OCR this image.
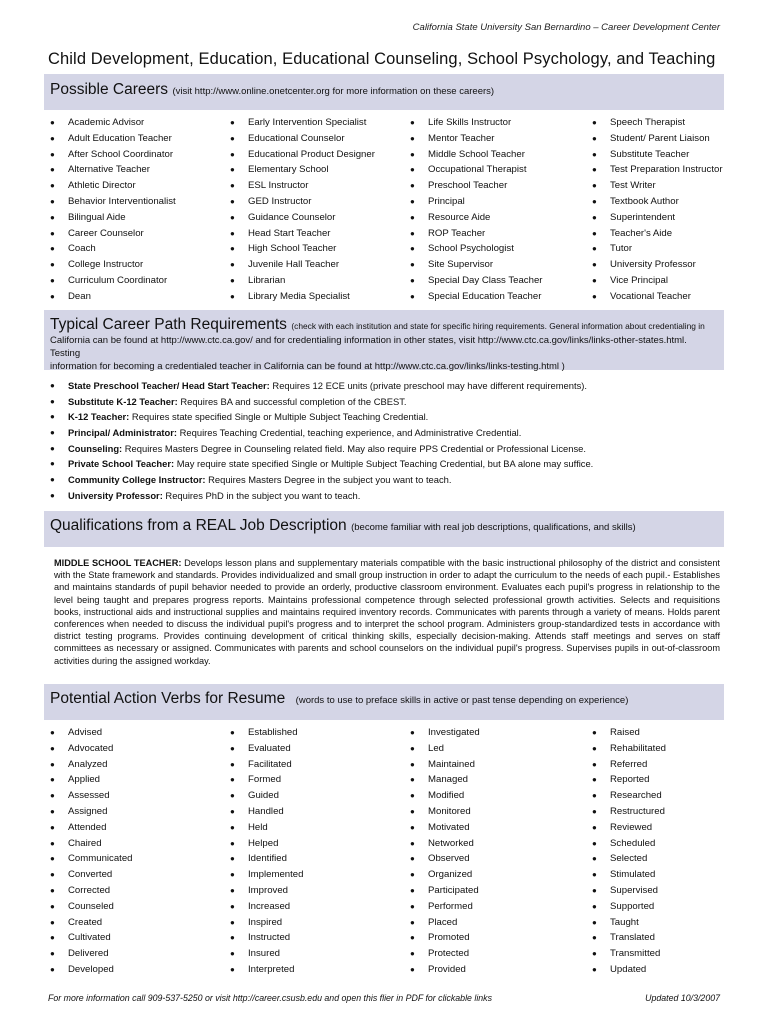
California State University San Bernardino – Career Development Center
Child Development, Education, Educational Counseling, School Psychology, and Teaching
Possible Careers (visit http://www.online.onetcenter.org for more information on these careers)
● Academic Advisor
● Adult Education Teacher
● After School Coordinator
● Alternative Teacher
● Athletic Director
● Behavior Interventionalist
● Bilingual Aide
● Career Counselor
● Coach
● College Instructor
● Curriculum Coordinator
● Dean
● Early Intervention Specialist
● Educational Counselor
● Educational Product Designer
● Elementary School
● ESL Instructor
● GED Instructor
● Guidance Counselor
● Head Start Teacher
● High School Teacher
● Juvenile Hall Teacher
● Librarian
● Library Media Specialist
● Life Skills Instructor
● Mentor Teacher
● Middle School Teacher
● Occupational Therapist
● Preschool Teacher
● Principal
● Resource Aide
● ROP Teacher
● School Psychologist
● Site Supervisor
● Special Day Class Teacher
● Special Education Teacher
● Speech Therapist
● Student/ Parent Liaison
● Substitute Teacher
● Test Preparation Instructor
● Test Writer
● Textbook Author
● Superintendent
● Teacher's Aide
● Tutor
● University Professor
● Vice Principal
● Vocational Teacher
Typical Career Path Requirements (check with each institution and state for specific hiring requirements. General information about credentialing in
California can be found at http://www.ctc.ca.gov/ and for credentialing information in other states, visit http://www.ctc.ca.gov/links/links-other-states.html. Testing
information for becoming a credentialed teacher in California can be found at http://www.ctc.ca.gov/links/links-testing.html )
● State Preschool Teacher/ Head Start Teacher: Requires 12 ECE units (private preschool may have different requirements).
● Substitute K-12 Teacher: Requires BA and successful completion of the CBEST.
● K-12 Teacher: Requires state specified Single or Multiple Subject Teaching Credential.
● Principal/ Administrator: Requires Teaching Credential, teaching experience, and Administrative Credential.
● Counseling: Requires Masters Degree in Counseling related field. May also require PPS Credential or Professional License.
● Private School Teacher: May require state specified Single or Multiple Subject Teaching Credential, but BA alone may suffice.
● Community College Instructor: Requires Masters Degree in the subject you want to teach.
● University Professor: Requires PhD in the subject you want to teach.
Qualifications from a REAL Job Description (become familiar with real job descriptions, qualifications, and skills)
MIDDLE SCHOOL TEACHER: Develops lesson plans and supplementary materials compatible with the basic instructional philosophy of the district and consistent with the State framework and standards. Provides individualized and small group instruction in order to adapt the curriculum to the needs of each pupil.- Establishes and maintains standards of pupil behavior needed to provide an orderly, productive classroom environment. Evaluates each pupil's progress in relationship to the level being taught and prepares progress reports. Maintains professional competence through selected professional growth activities. Selects and requisitions books, instructional aids and instructional supplies and maintains required inventory records. Communicates with parents through a variety of means. Holds parent conferences when needed to discuss the individual pupil's progress and to interpret the school program. Administers group-standardized tests in accordance with district testing programs. Provides continuing development of critical thinking skills, especially decision-making. Attends staff meetings and serves on staff committees as necessary or assigned. Communicates with parents and school counselors on the individual pupil's progress. Supervises pupils in out-of-classroom activities during the assigned workday.
Potential Action Verbs for Resume (words to use to preface skills in active or past tense depending on experience)
● Advised
● Advocated
● Analyzed
● Applied
● Assessed
● Assigned
● Attended
● Chaired
● Communicated
● Converted
● Corrected
● Counseled
● Created
● Cultivated
● Delivered
● Developed
● Established
● Evaluated
● Facilitated
● Formed
● Guided
● Handled
● Held
● Helped
● Identified
● Implemented
● Improved
● Increased
● Inspired
● Instructed
● Insured
● Interpreted
● Investigated
● Led
● Maintained
● Managed
● Modified
● Monitored
● Motivated
● Networked
● Observed
● Organized
● Participated
● Performed
● Placed
● Promoted
● Protected
● Provided
● Raised
● Rehabilitated
● Referred
● Reported
● Researched
● Restructured
● Reviewed
● Scheduled
● Selected
● Stimulated
● Supervised
● Supported
● Taught
● Translated
● Transmitted
● Updated
For more information call 909-537-5250 or visit http://career.csusb.edu and open this flier in PDF for clickable links	Updated 10/3/2007
